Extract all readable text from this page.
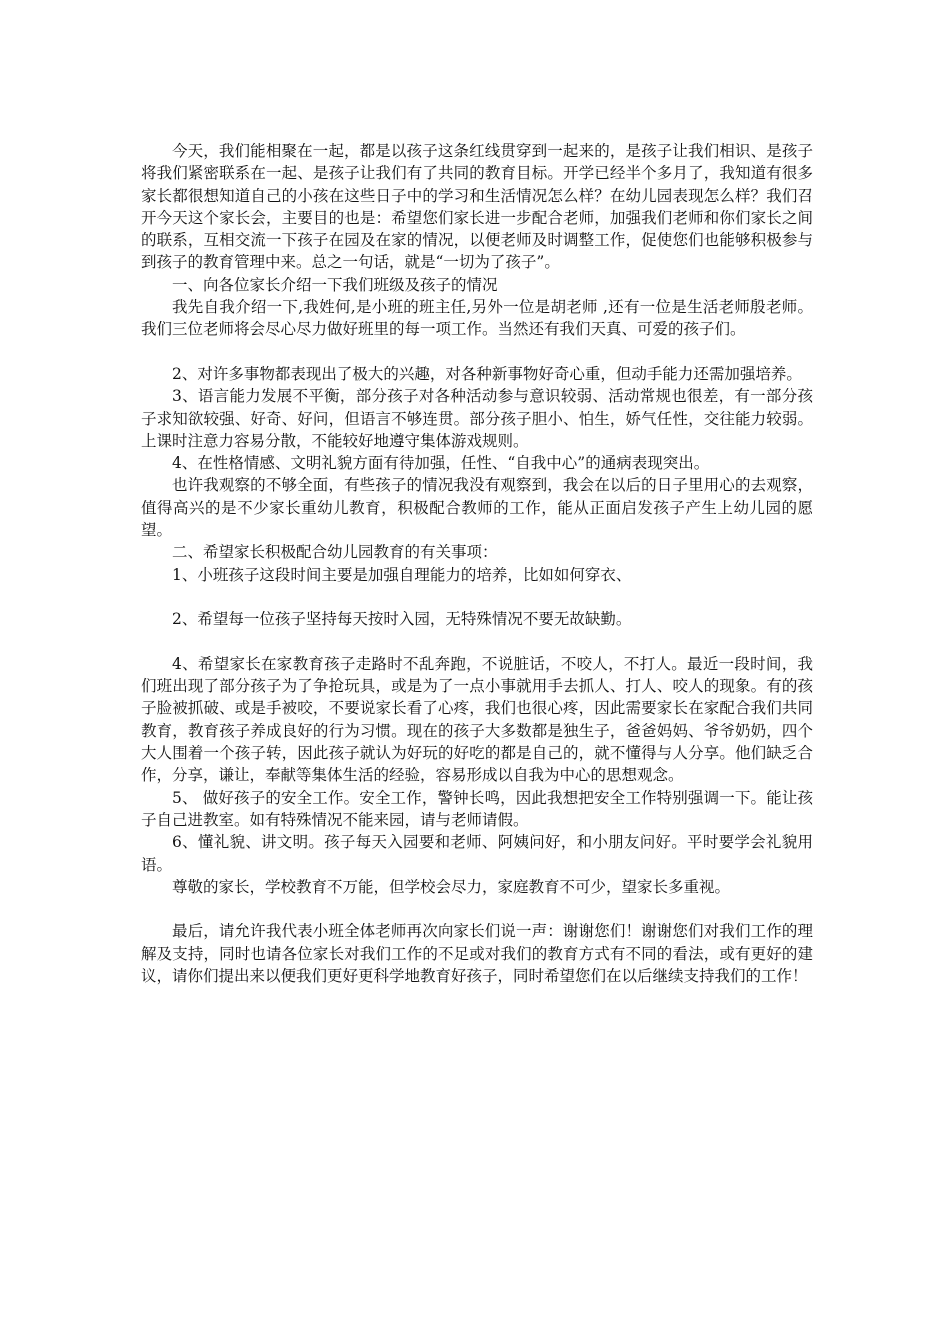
今天，我们能相聚在一起，都是以孩子这条红线贯穿到一起来的，是孩子让我们相识、是孩子将我们紧密联系在一起、是孩子让我们有了共同的教育目标。开学已经半个多月了，我知道有很多家长都很想知道自己的小孩在这些日子中的学习和生活情况怎么样？在幼儿园表现怎么样？我们召开今天这个家长会，主要目的也是：希望您们家长进一步配合老师，加强我们老师和你们家长之间的联系，互相交流一下孩子在园及在家的情况，以便老师及时调整工作，促使您们也能够积极参与到孩子的教育管理中来。总之一句话，就是“一切为了孩子”。

一、向各位家长介绍一下我们班级及孩子的情况

我先自我介绍一下,我姓何,是小班的班主任,另外一位是胡老师 ,还有一位是生活老师殷老师。我们三位老师将会尽心尽力做好班里的每一项工作。当然还有我们天真、可爱的孩子们。

2、对许多事物都表现出了极大的兴趣，对各种新事物好奇心重，但动手能力还需加强培养。

3、语言能力发展不平衡，部分孩子对各种活动参与意识较弱、活动常规也很差，有一部分孩子求知欲较强、好奇、好问，但语言不够连贯。部分孩子胆小、怕生，娇气任性，交往能力较弱。上课时注意力容易分散，不能较好地遵守集体游戏规则。

4、在性格情感、文明礼貌方面有待加强，任性、“自我中心”的通病表现突出。

也许我观察的不够全面，有些孩子的情况我没有观察到，我会在以后的日子里用心的去观察，值得高兴的是不少家长重幼儿教育，积极配合教师的工作，能从正面启发孩子产生上幼儿园的愿望。

二、希望家长积极配合幼儿园教育的有关事项：

1、小班孩子这段时间主要是加强自理能力的培养，比如如何穿衣、

2、希望每一位孩子坚持每天按时入园，无特殊情况不要无故缺勤。

4、希望家长在家教育孩子走路时不乱奔跑，不说脏话，不咬人，不打人。最近一段时间，我们班出现了部分孩子为了争抢玩具，或是为了一点小事就用手去抓人、打人、咬人的现象。有的孩子脸被抓破、或是手被咬，不要说家长看了心疼，我们也很心疼，因此需要家长在家配合我们共同教育，教育孩子养成良好的行为习惯。现在的孩子大多数都是独生子，爸爸妈妈、爷爷奶奶，四个大人围着一个孩子转，因此孩子就认为好玩的好吃的都是自己的，就不懂得与人分享。他们缺乏合作，分享，谦让，奉献等集体生活的经验，容易形成以自我为中心的思想观念。

5、 做好孩子的安全工作。安全工作，警钟长鸣，因此我想把安全工作特别强调一下。能让孩子自己进教室。如有特殊情况不能来园，请与老师请假。

6、懂礼貌、讲文明。孩子每天入园要和老师、阿姨问好，和小朋友问好。平时要学会礼貌用语。

尊敬的家长，学校教育不万能，但学校会尽力，家庭教育不可少，望家长多重视。

最后，请允许我代表小班全体老师再次向家长们说一声：谢谢您们！谢谢您们对我们工作的理解及支持，同时也请各位家长对我们工作的不足或对我们的教育方式有不同的看法，或有更好的建议，请你们提出来以便我们更好更科学地教育好孩子，同时希望您们在以后继续支持我们的工作！
